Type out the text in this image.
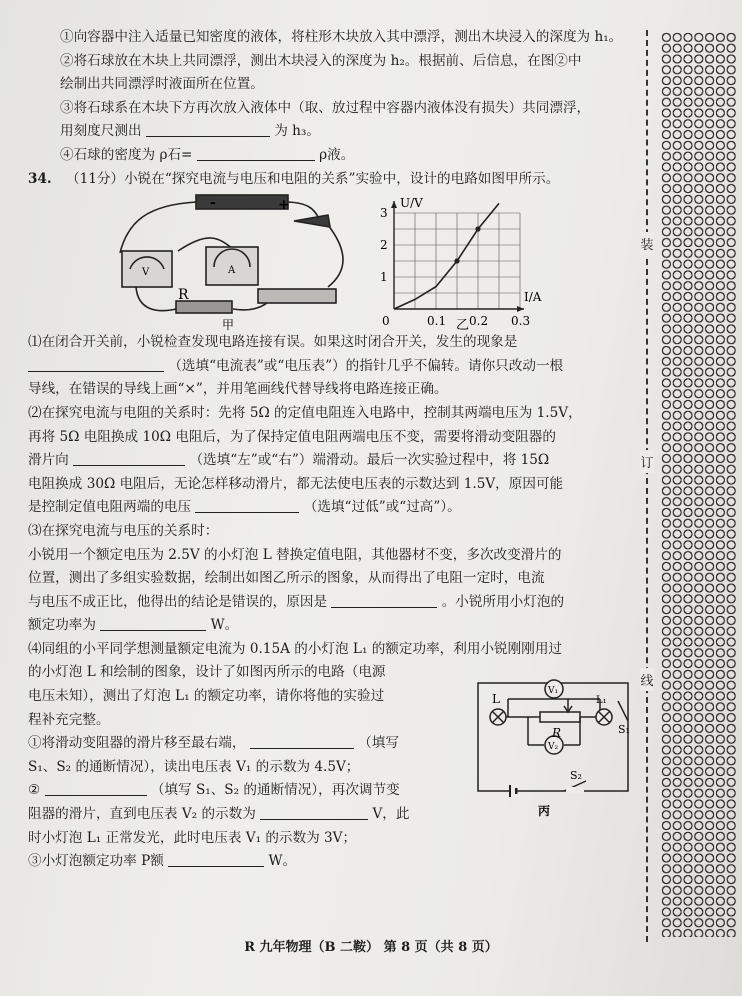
①向容器中注入适量已知密度的液体，将柱形木块放入其中漂浮，测出木块浸入的深度为 h₁。
②将石球放在木块上共同漂浮，测出木块浸入的深度为 h₂。根据前、后信息，在图②中
绘制出共同漂浮时液面所在位置。
③将石球系在木块下方再次放入液体中（取、放过程中容器内液体没有损失）共同漂浮，
用刻度尺测出	为 h₃。
④石球的密度为 ρ石=	ρ液。
34. （11分）小锐在“探究电流与电压和电阻的关系”实验中，设计的电路如图甲所示。
-	+
V	A
R
甲
U/V
I/A
0
1
2
3
0.1 0.2 0.3
乙
⑴在闭合开关前，小锐检查发现电路连接有误。如果这时闭合开关，发生的现象是
（选填“电流表”或“电压表”）的指针几乎不偏转。请你只改动一根
导线，在错误的导线上画“×”，并用笔画线代替导线将电路连接正确。
⑵在探究电流与电阻的关系时：先将 5Ω 的定值电阻连入电路中，控制其两端电压为 1.5V，
再将 5Ω 电阻换成 10Ω 电阻后，为了保持定值电阻两端电压不变，需要将滑动变阻器的
滑片向	（选填“左”或“右”）端滑动。最后一次实验过程中，将 15Ω
电阻换成 30Ω 电阻后，无论怎样移动滑片，都无法使电压表的示数达到 1.5V，原因可能
是控制定值电阻两端的电压	（选填“过低”或“过高”）。
⑶在探究电流与电压的关系时：
小锐用一个额定电压为 2.5V 的小灯泡 L 替换定值电阻，其他器材不变，多次改变滑片的
位置，测出了多组实验数据，绘制出如图乙所示的图象，从而得出了电阻一定时，电流
与电压不成正比，他得出的结论是错误的，原因是	。小锐所用小灯泡的
额定功率为	W。
⑷同组的小平同学想测量额定电流为 0.15A 的小灯泡 L₁ 的额定功率，利用小锐刚刚用过
的小灯泡 L 和绘制的图象，设计了如图丙所示的电路（电源
电压未知），测出了灯泡 L₁ 的额定功率，请你将他的实验过
程补充完整。
①将滑动变阻器的滑片移至最右端，	（填写
S₁、S₂ 的通断情况），读出电压表 V₁ 的示数为 4.5V；
②	（填写 S₁、S₂ 的通断情况），再次调节变
阻器的滑片，直到电压表 V₂ 的示数为	V，此
时小灯泡 L₁ 正常发光，此时电压表 V₁ 的示数为 3V；
③小灯泡额定功率 P额	W。
V₁
V₂
L	L₁
R	S₁
S₂
丙
装
订
线
R 九年物理（B 二鞍） 第 8 页（共 8 页）
